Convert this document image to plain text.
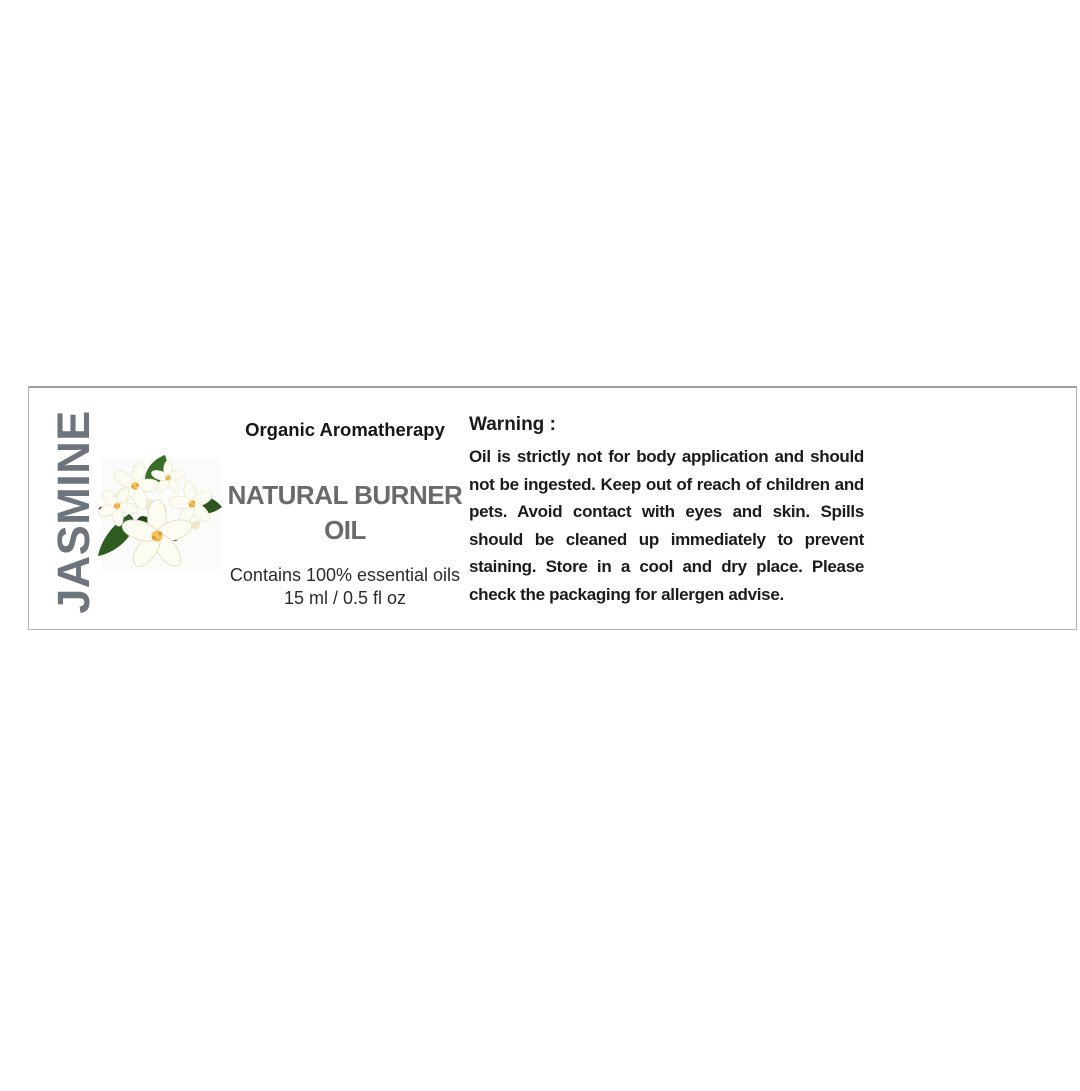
JASMINE	Organic Aromatherapy
NATURAL BURNER OIL
Contains 100% essential oils
15 ml / 0.5 fl oz

Warning :

Oil is strictly not for body application and should not be ingested. Keep out of reach of children and pets. Avoid contact with eyes and skin. Spills should be cleaned up immediately to prevent staining. Store in a cool and dry place. Please check the packaging for allergen advise.
